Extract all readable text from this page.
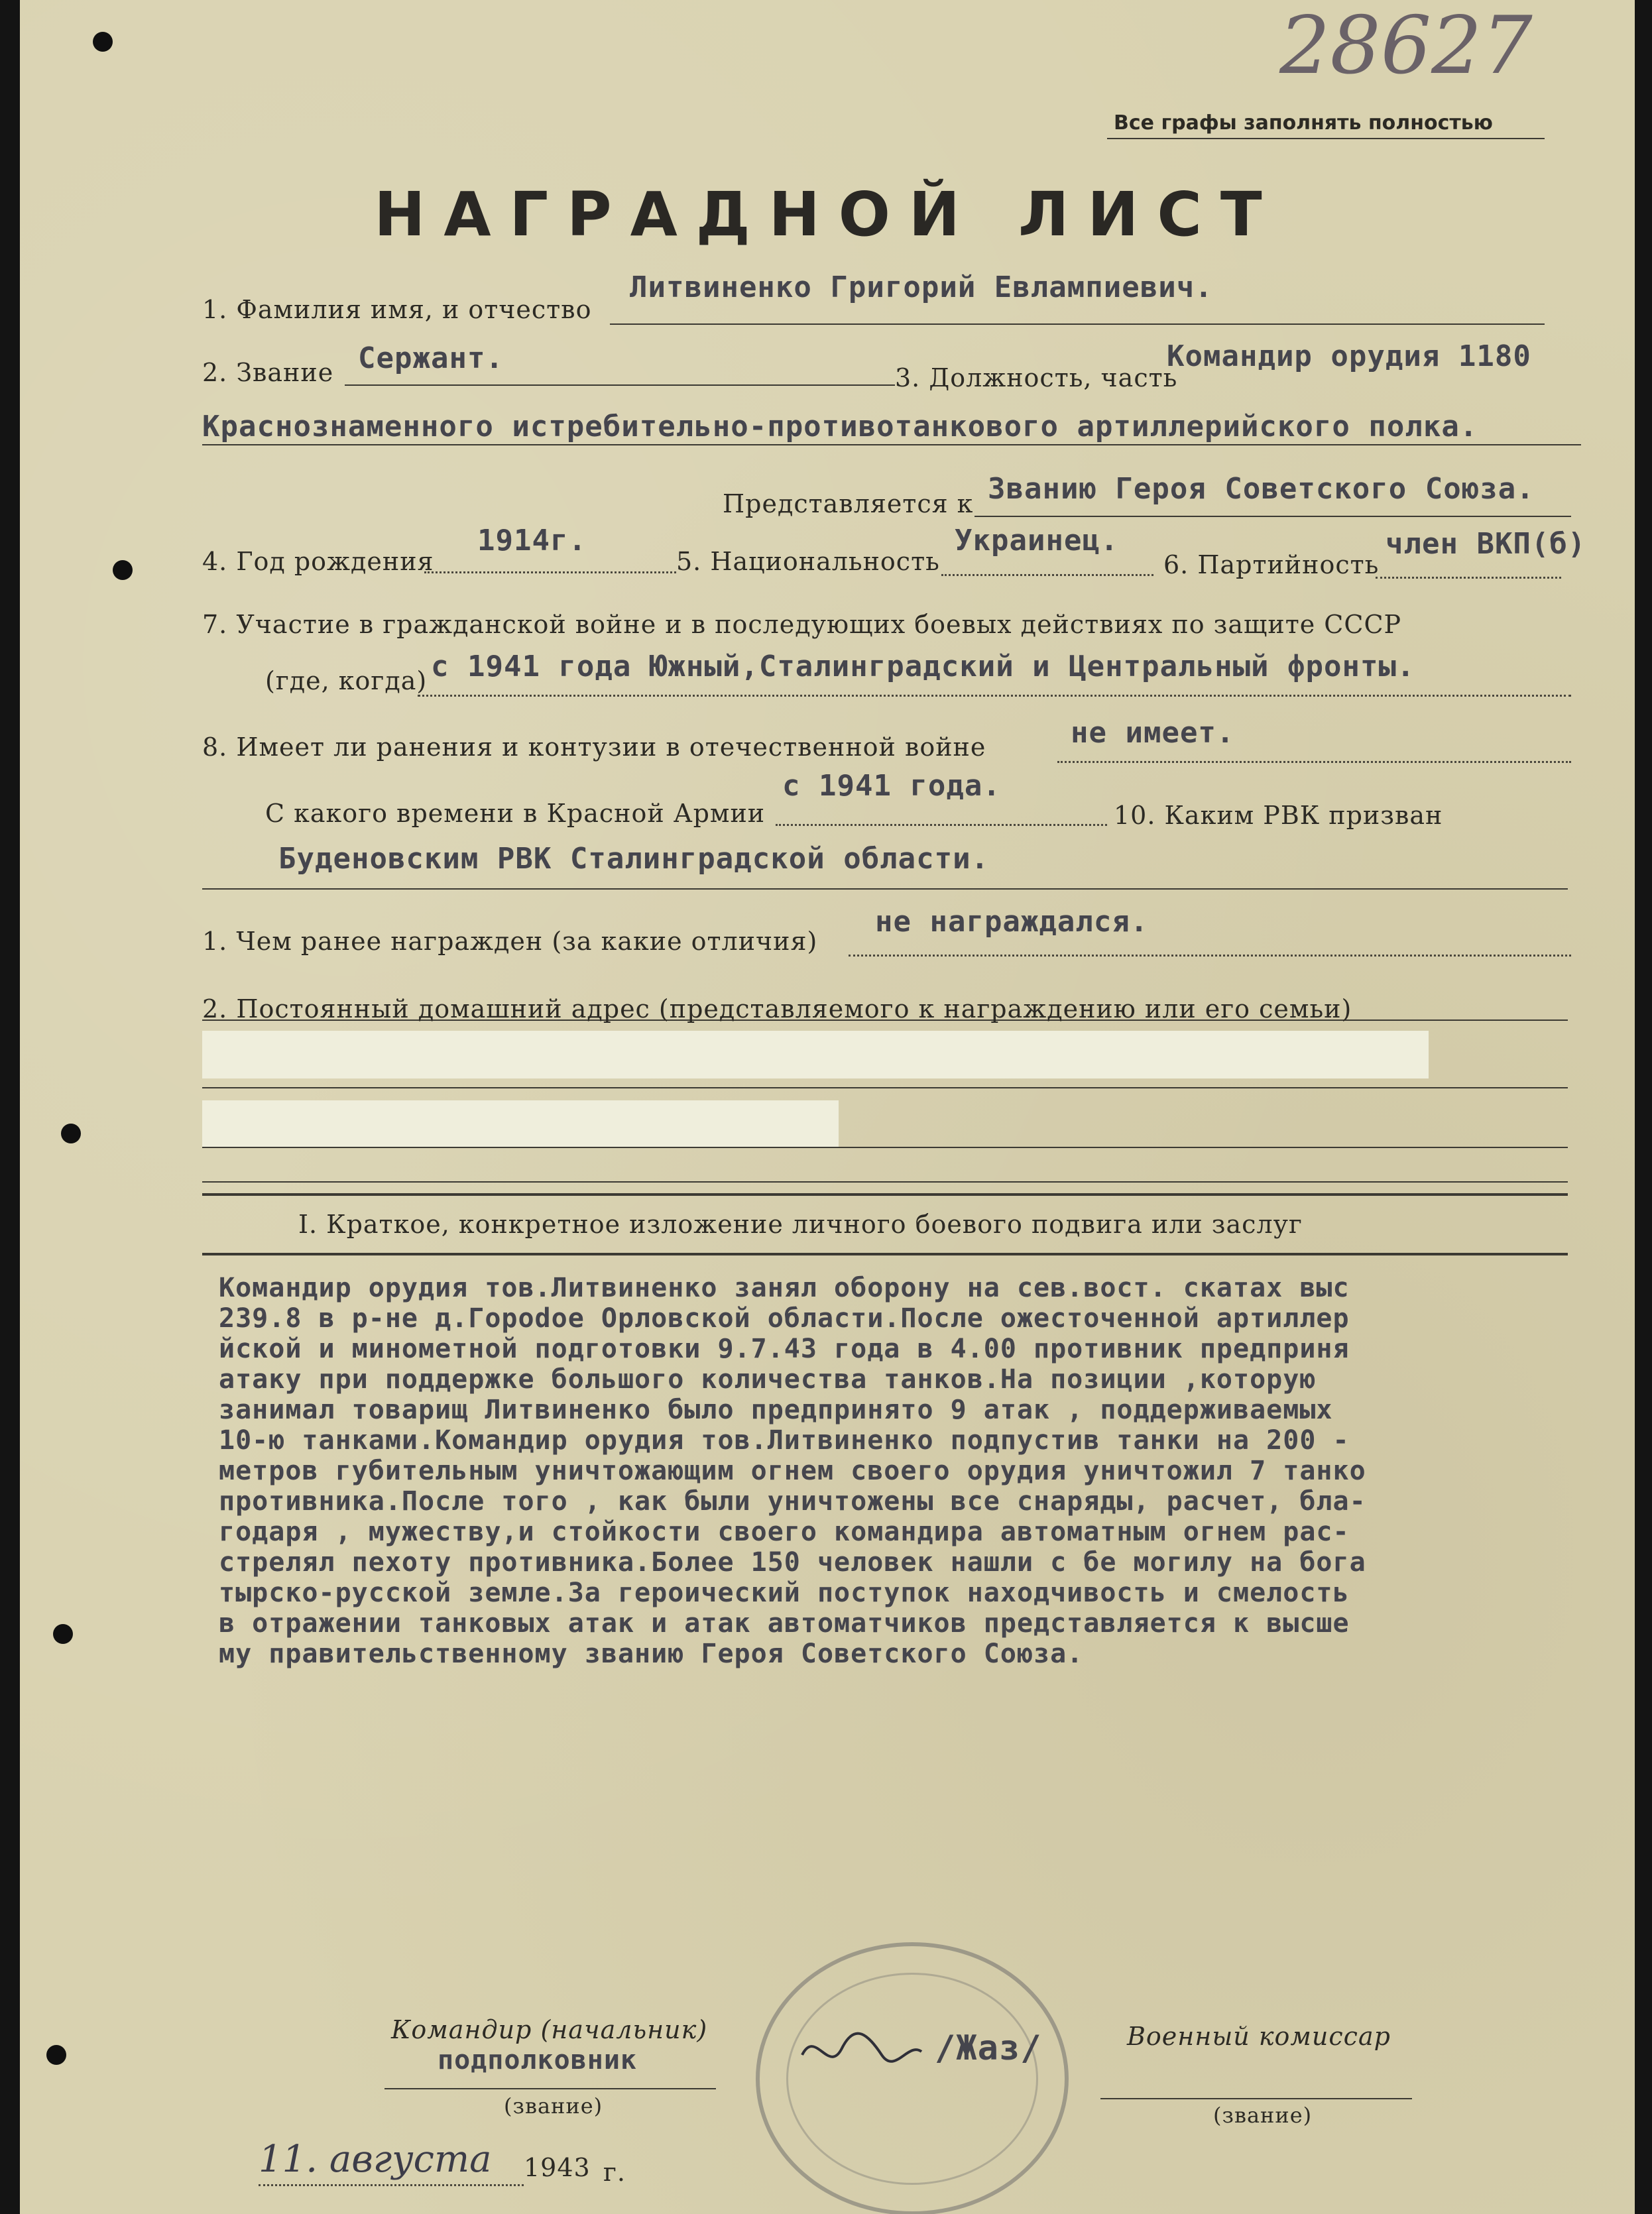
28627
Все графы заполнять полностью
НАГРАДНОЙ ЛИСТ
1. Фамилия имя, и отчество
Литвиненко Григорий Евлампиевич.
2. Звание Сержант.
3. Должность, часть
Командир орудия 1180
Краснознаменного истребительно-противотанкового артиллерийского полка.
Представляется к Званию Героя Советского Союза.
4. Год рождения
1914г.
5. Национальность
Украинец.
6. Партийность
член ВКП(б)
7. Участие в гражданской войне и в последующих боевых действиях по защите СССР
(где, когда) с 1941 года Южный,Сталинградский и Центральный фронты.
8. Имеет ли ранения и контузии в отечественной войне	не имеет.
С какого времени в Красной Армии
с 1941 года.
10. Каким РВК призван
Буденовским РВК Сталинградской области.
1. Чем ранее награжден (за какие отличия)
не награждался.
2. Постоянный домашний адрес (представляемого к награждению или его семьи)
I. Краткое, конкретное изложение личного боевого подвига или заслуг
Командир орудия тов.Литвиненко занял оборону на сев.вост. скатах выс
239.8 в р-не д.Гороdoe Орловской области.После ожесточенной артиллер
йской и минометной подготовки 9.7.43 года в 4.00 противник предприня
атаку при поддержке большого количества танков.На позиции ,которую
занимал товарищ Литвиненко было предпринято 9 атак , поддерживаемых
10-ю танками.Командир орудия тов.Литвиненко подпустив танки на 200 -
метров губительным уничтожающим огнем своего орудия уничтожил 7 танко
противника.После того , как были уничтожены все снаряды, расчет, бла-
годаря , мужеству,и стойкости своего командира автоматным огнем рас-
стрелял пехоту противника.Более 150 человек нашли с бе могилу на бога
тырско-русской земле.За героический поступок находчивость и смелость
в отражении танковых атак и атак автоматчиков представляется к высше
му правительственному званию Героя Советского Союза.
Командир (начальник)
подполковник
(звание)
/Жаз/	Военный комиссар
(звание)
11. августа 1943 г.
